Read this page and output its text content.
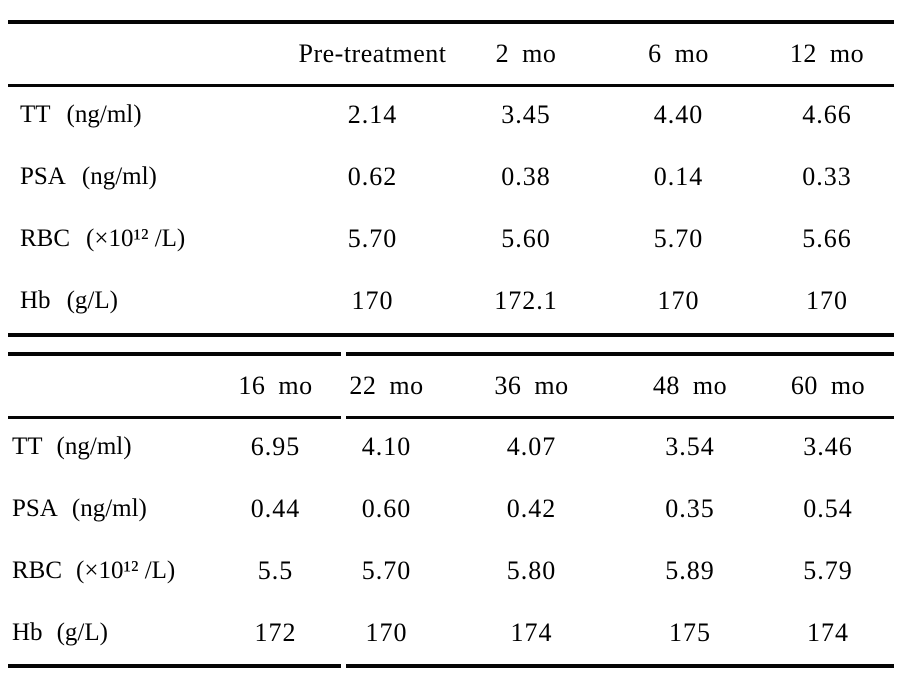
	Pre-treatment	2 mo	6 mo	12 mo
TT (ng/ml)	2.14	3.45	4.40	4.66
PSA (ng/ml)	0.62	0.38	0.14	0.33
RBC (×10¹² /L)	5.70	5.60	5.70	5.66
Hb (g/L)	170	172.1	170	170
	16 mo	22 mo	36 mo	48 mo	60 mo
TT (ng/ml)	6.95	4.10	4.07	3.54	3.46
PSA (ng/ml)	0.44	0.60	0.42	0.35	0.54
RBC (×10¹² /L)	5.5	5.70	5.80	5.89	5.79
Hb (g/L)	172	170	174	175	174
